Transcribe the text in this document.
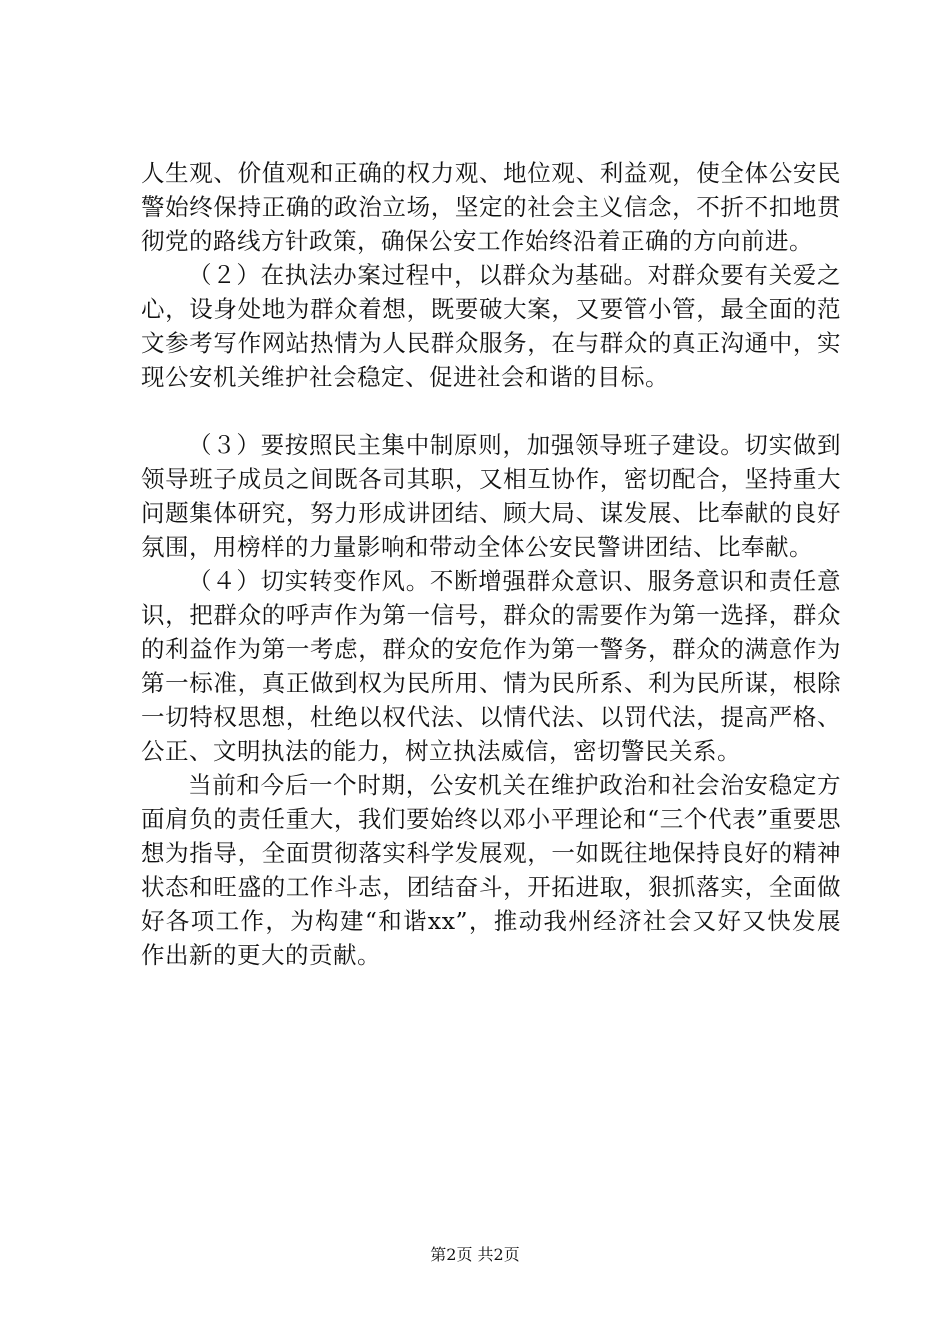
人生观、价值观和正确的权力观、地位观、利益观，使全体公安民警始终保持正确的政治立场，坚定的社会主义信念，不折不扣地贯彻党的路线方针政策，确保公安工作始终沿着正确的方向前进。

（２）在执法办案过程中，以群众为基础。对群众要有关爱之心，设身处地为群众着想，既要破大案，又要管小管，最全面的范文参考写作网站热情为人民群众服务，在与群众的真正沟通中，实现公安机关维护社会稳定、促进社会和谐的目标。

（３）要按照民主集中制原则，加强领导班子建设。切实做到领导班子成员之间既各司其职，又相互协作，密切配合，坚持重大问题集体研究，努力形成讲团结、顾大局、谋发展、比奉献的良好氛围，用榜样的力量影响和带动全体公安民警讲团结、比奉献。

（４）切实转变作风。不断增强群众意识、服务意识和责任意识，把群众的呼声作为第一信号，群众的需要作为第一选择，群众的利益作为第一考虑，群众的安危作为第一警务，群众的满意作为第一标准，真正做到权为民所用、情为民所系、利为民所谋，根除一切特权思想，杜绝以权代法、以情代法、以罚代法，提高严格、公正、文明执法的能力，树立执法威信，密切警民关系。

当前和今后一个时期，公安机关在维护政治和社会治安稳定方面肩负的责任重大，我们要始终以邓小平理论和“三个代表”重要思想为指导，全面贯彻落实科学发展观，一如既往地保持良好的精神状态和旺盛的工作斗志，团结奋斗，开拓进取，狠抓落实，全面做好各项工作，为构建“和谐xx”，推动我州经济社会又好又快发展作出新的更大的贡献。

第2页 共2页
